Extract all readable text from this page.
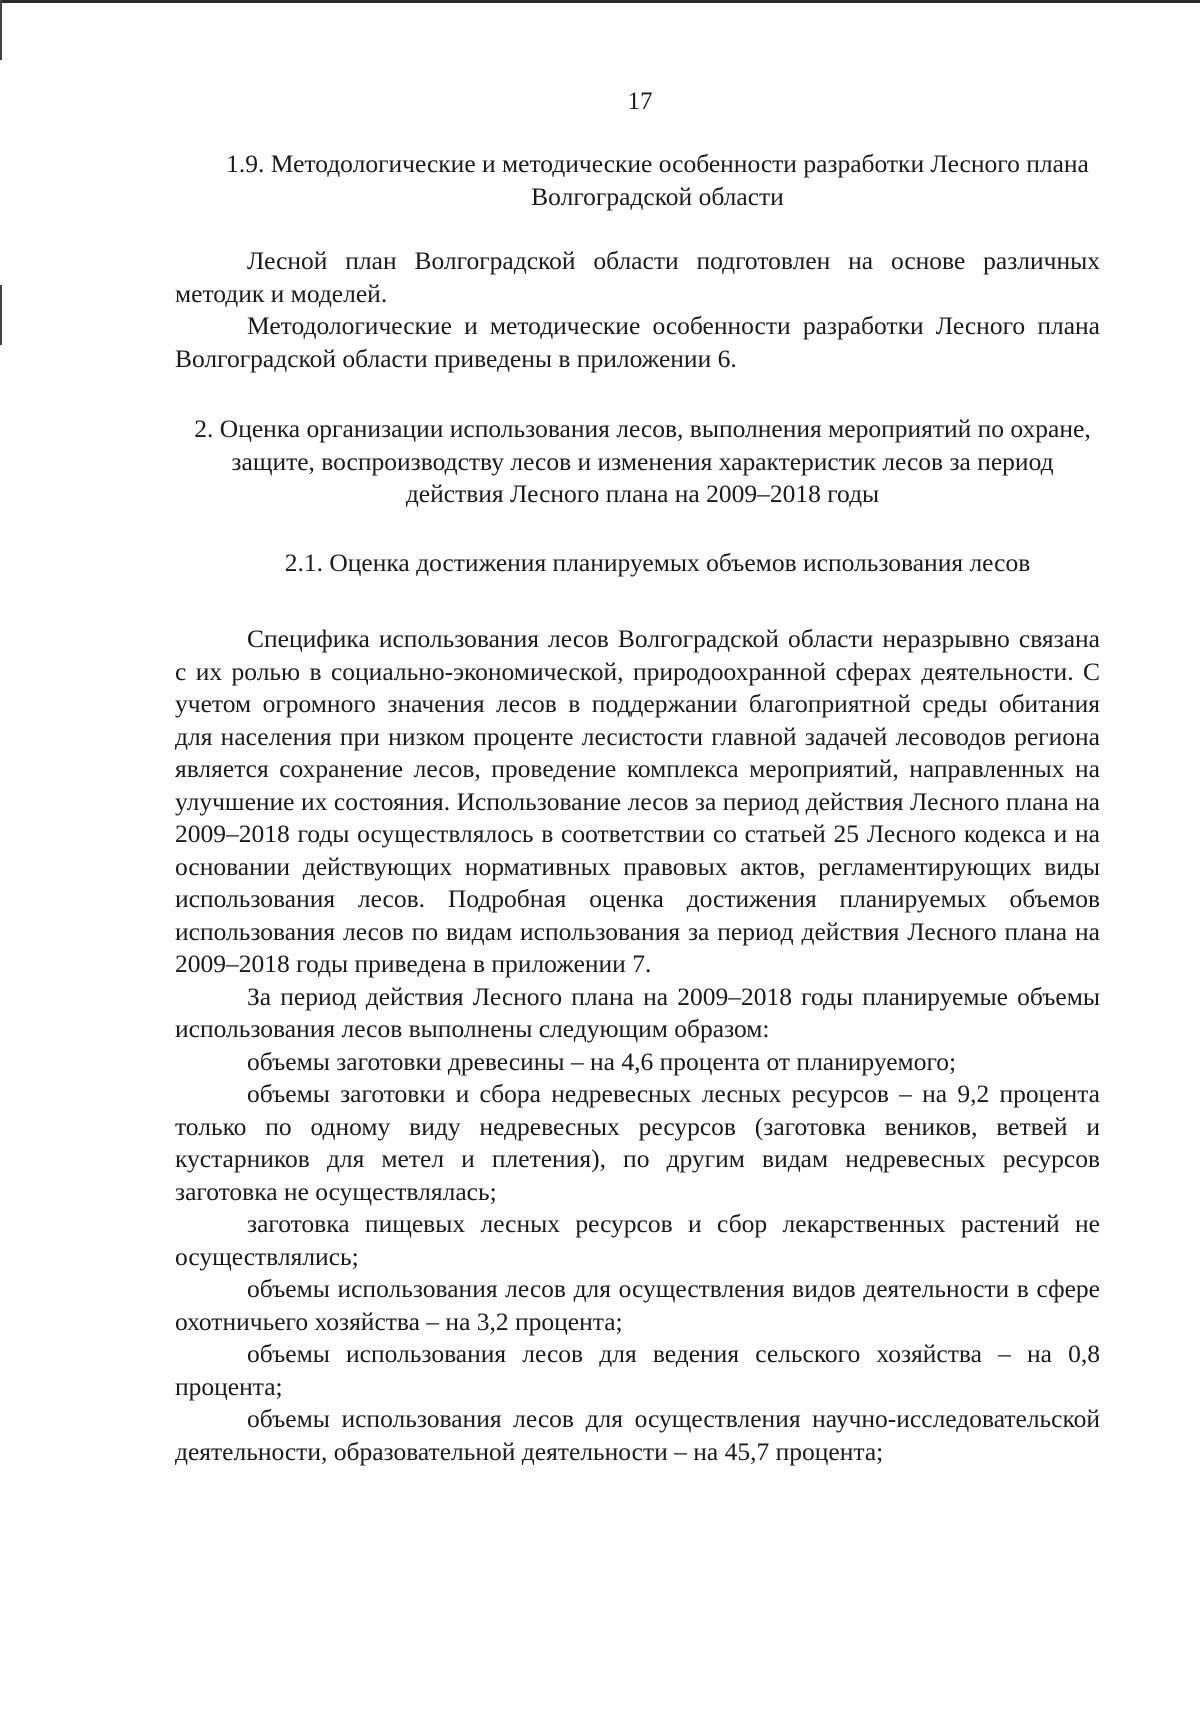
17

1.9. Методологические и методические особенности разработки Лесного плана Волгоградской области

Лесной план Волгоградской области подготовлен на основе различных методик и моделей.

Методологические и методические особенности разработки Лесного плана Волгоградской области приведены в приложении 6.

2. Оценка организации использования лесов, выполнения мероприятий по охране, защите, воспроизводству лесов и изменения характеристик лесов за период действия Лесного плана на 2009–2018 годы

2.1. Оценка достижения планируемых объемов использования лесов

Специфика использования лесов Волгоградской области неразрывно связана с их ролью в социально-экономической, природоохранной сферах деятельности. С учетом огромного значения лесов в поддержании благоприятной среды обитания для населения при низком проценте лесистости главной задачей лесоводов региона является сохранение лесов, проведение комплекса мероприятий, направленных на улучшение их состояния. Использование лесов за период действия Лесного плана на 2009–2018 годы осуществлялось в соответствии со статьей 25 Лесного кодекса и на основании действующих нормативных правовых актов, регламентирующих виды использования лесов. Подробная оценка достижения планируемых объемов использования лесов по видам использования за период действия Лесного плана на 2009–2018 годы приведена в приложении 7.

За период действия Лесного плана на 2009–2018 годы планируемые объемы использования лесов выполнены следующим образом:

объемы заготовки древесины – на 4,6 процента от планируемого;

объемы заготовки и сбора недревесных лесных ресурсов – на 9,2 процента только по одному виду недревесных ресурсов (заготовка веников, ветвей и кустарников для метел и плетения), по другим видам недревесных ресурсов заготовка не осуществлялась;

заготовка пищевых лесных ресурсов и сбор лекарственных растений не осуществлялись;

объемы использования лесов для осуществления видов деятельности в сфере охотничьего хозяйства – на 3,2 процента;

объемы использования лесов для ведения сельского хозяйства – на 0,8 процента;

объемы использования лесов для осуществления научно-исследовательской деятельности, образовательной деятельности – на 45,7 процента;
